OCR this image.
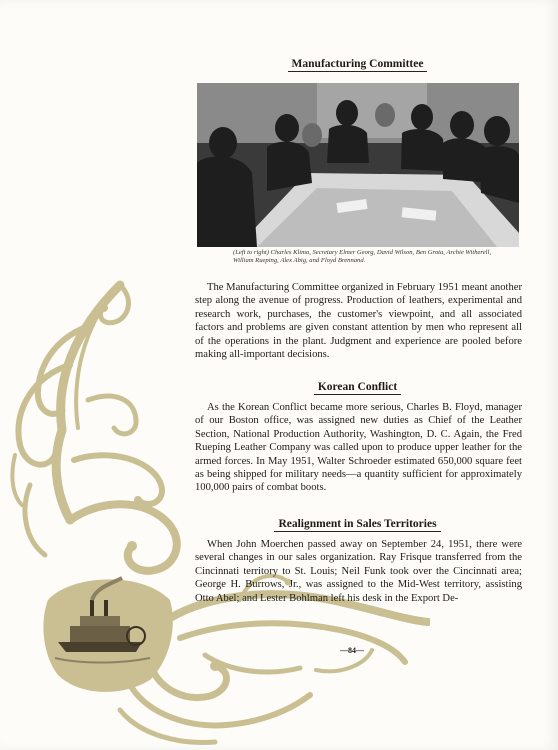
Manufacturing Committee
(Left to right) Charles Klima, Secretary Elmer Georg, David Wilson, Ben Grota, Archie Witherell, William Rueping, Alex Abig, and Floyd Brennand.

The Manufacturing Committee organized in February 1951 meant another step along the avenue of progress. Production of leathers, experimental and research work, purchases, the customer's viewpoint, and all associated factors and problems are given constant attention by men who represent all of the operations in the plant. Judgment and experience are pooled before making all-important decisions.

Korean Conflict

As the Korean Conflict became more serious, Charles B. Floyd, manager of our Boston office, was assigned new duties as Chief of the Leather Section, National Production Authority, Washington, D. C. Again, the Fred Rueping Leather Company was called upon to produce upper leather for the armed forces. In May 1951, Walter Schroeder estimated 650,000 square feet as being shipped for military needs—a quantity sufficient for approximately 100,000 pairs of combat boots.

Realignment in Sales Territories

When John Moerchen passed away on September 24, 1951, there were several changes in our sales organization. Ray Frisque transferred from the Cincinnati territory to St. Louis; Neil Funk took over the Cincinnati area; George H. Burrows, Jr., was assigned to the Mid-West territory, assisting Otto Abel; and Lester Bohlman left his desk in the Export De-

—84—
